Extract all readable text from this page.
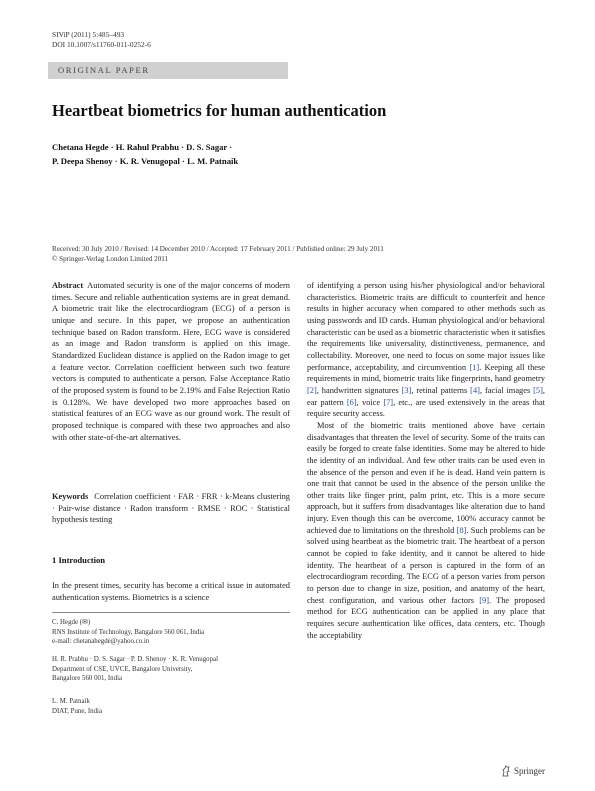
SIViP (2011) 5:485–493
DOI 10.1007/s11760-011-0252-6
ORIGINAL PAPER
Heartbeat biometrics for human authentication
Chetana Hegde · H. Rahul Prabhu · D. S. Sagar ·
P. Deepa Shenoy · K. R. Venugopal · L. M. Patnaik
Received: 30 July 2010 / Revised: 14 December 2010 / Accepted: 17 February 2011 / Published online: 29 July 2011
© Springer-Verlag London Limited 2011

Abstract Automated security is one of the major concerns of modern times. Secure and reliable authentication systems are in great demand. A biometric trait like the electrocardiogram (ECG) of a person is unique and secure. In this paper, we propose an authentication technique based on Radon transform. Here, ECG wave is considered as an image and Radon transform is applied on this image. Standardized Euclidean distance is applied on the Radon image to get a feature vector. Correlation coefficient between such two feature vectors is computed to authenticate a person. False Acceptance Ratio of the proposed system is found to be 2.19% and False Rejection Ratio is 0.128%. We have developed two more approaches based on statistical features of an ECG wave as our ground work. The result of proposed technique is compared with these two approaches and also with other state-of-the-art alternatives.

Keywords Correlation coefficient · FAR · FRR · k-Means clustering · Pair-wise distance · Radon transform · RMSE · ROC · Statistical hypothesis testing

1 Introduction

In the present times, security has become a critical issue in automated authentication systems. Biometrics is a science

C. Hegde (✉)
RNS Institute of Technology, Bangalore 560 061, India
e-mail: chetanahegde@yahoo.co.in
H. R. Prabhu · D. S. Sagar · P. D. Shenoy · K. R. Venugopal
Department of CSE, UVCE, Bangalore University,
Bangalore 560 001, India
L. M. Patnaik
DIAT, Pune, India

of identifying a person using his/her physiological and/or behavioral characteristics. Biometric traits are difficult to counterfeit and hence results in higher accuracy when compared to other methods such as using passwords and ID cards. Human physiological and/or behavioral characteristic can be used as a biometric characteristic when it satisfies the requirements like universality, distinctiveness, permanence, and collectability. Moreover, one need to focus on some major issues like performance, acceptability, and circumvention [1]. Keeping all these requirements in mind, biometric traits like fingerprints, hand geometry [2], handwritten signatures [3], retinal patterns [4], facial images [5], ear pattern [6], voice [7], etc., are used extensively in the areas that require security access.

Most of the biometric traits mentioned above have certain disadvantages that threaten the level of security. Some of the traits can easily be forged to create false identities. Some may be altered to hide the identity of an individual. And few other traits can be used even in the absence of the person and even if he is dead. Hand vein pattern is one trait that cannot be used in the absence of the person unlike the other traits like finger print, palm print, etc. This is a more secure approach, but it suffers from disadvantages like alteration due to hand injury. Even though this can be overcome, 100% accuracy cannot be achieved due to limitations on the threshold [8]. Such problems can be solved using heartbeat as the biometric trait. The heartbeat of a person cannot be copied to fake identity, and it cannot be altered to hide identity. The heartbeat of a person is captured in the form of an electrocardiogram recording. The ECG of a person varies from person to person due to change in size, position, and anatomy of the heart, chest configuration, and various other factors [9]. The proposed method for ECG authentication can be applied in any place that requires secure authentication like offices, data centers, etc. Though the acceptability

Springer
